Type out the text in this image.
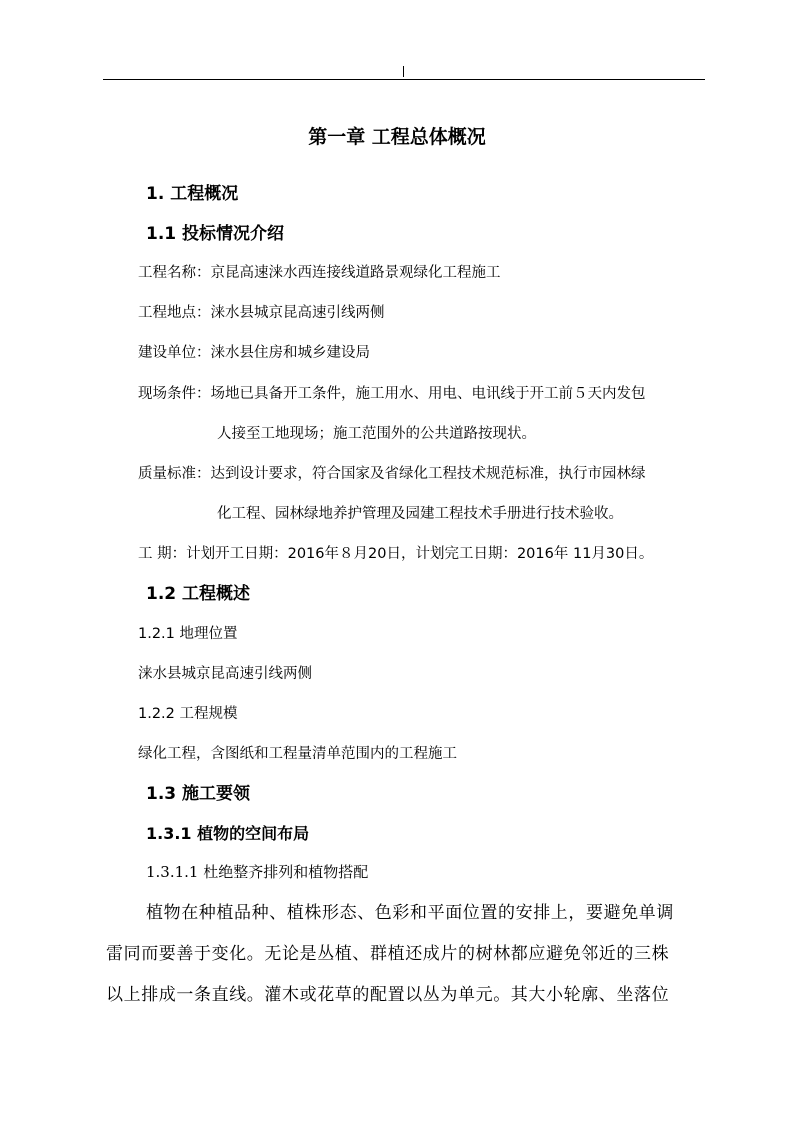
第一章 工程总体概况
1. 工程概况
1.1 投标情况介绍
工程名称：京昆高速涞水西连接线道路景观绿化工程施工
工程地点：涞水县城京昆高速引线两侧
建设单位：涞水县住房和城乡建设局
现场条件：场地已具备开工条件，施工用水、用电、电讯线于开工前５天内发包
人接至工地现场；施工范围外的公共道路按现状。
质量标准：达到设计要求，符合国家及省绿化工程技术规范标准，执行市园林绿
化工程、园林绿地养护管理及园建工程技术手册进行技术验收。
工 期：计划开工日期：2016年８月20日，计划完工日期：2016年 11月30日。
1.2 工程概述
1.2.1 地理位置
涞水县城京昆高速引线两侧
1.2.2 工程规模
绿化工程，含图纸和工程量清单范围内的工程施工
1.3 施工要领
1.3.1 植物的空间布局
1.3.1.1 杜绝整齐排列和植物搭配
植物在种植品种、植株形态、色彩和平面位置的安排上，要避免单调
雷同而要善于变化。无论是丛植、群植还成片的树林都应避免邻近的三株
以上排成一条直线。灌木或花草的配置以丛为单元。其大小轮廓、坐落位
